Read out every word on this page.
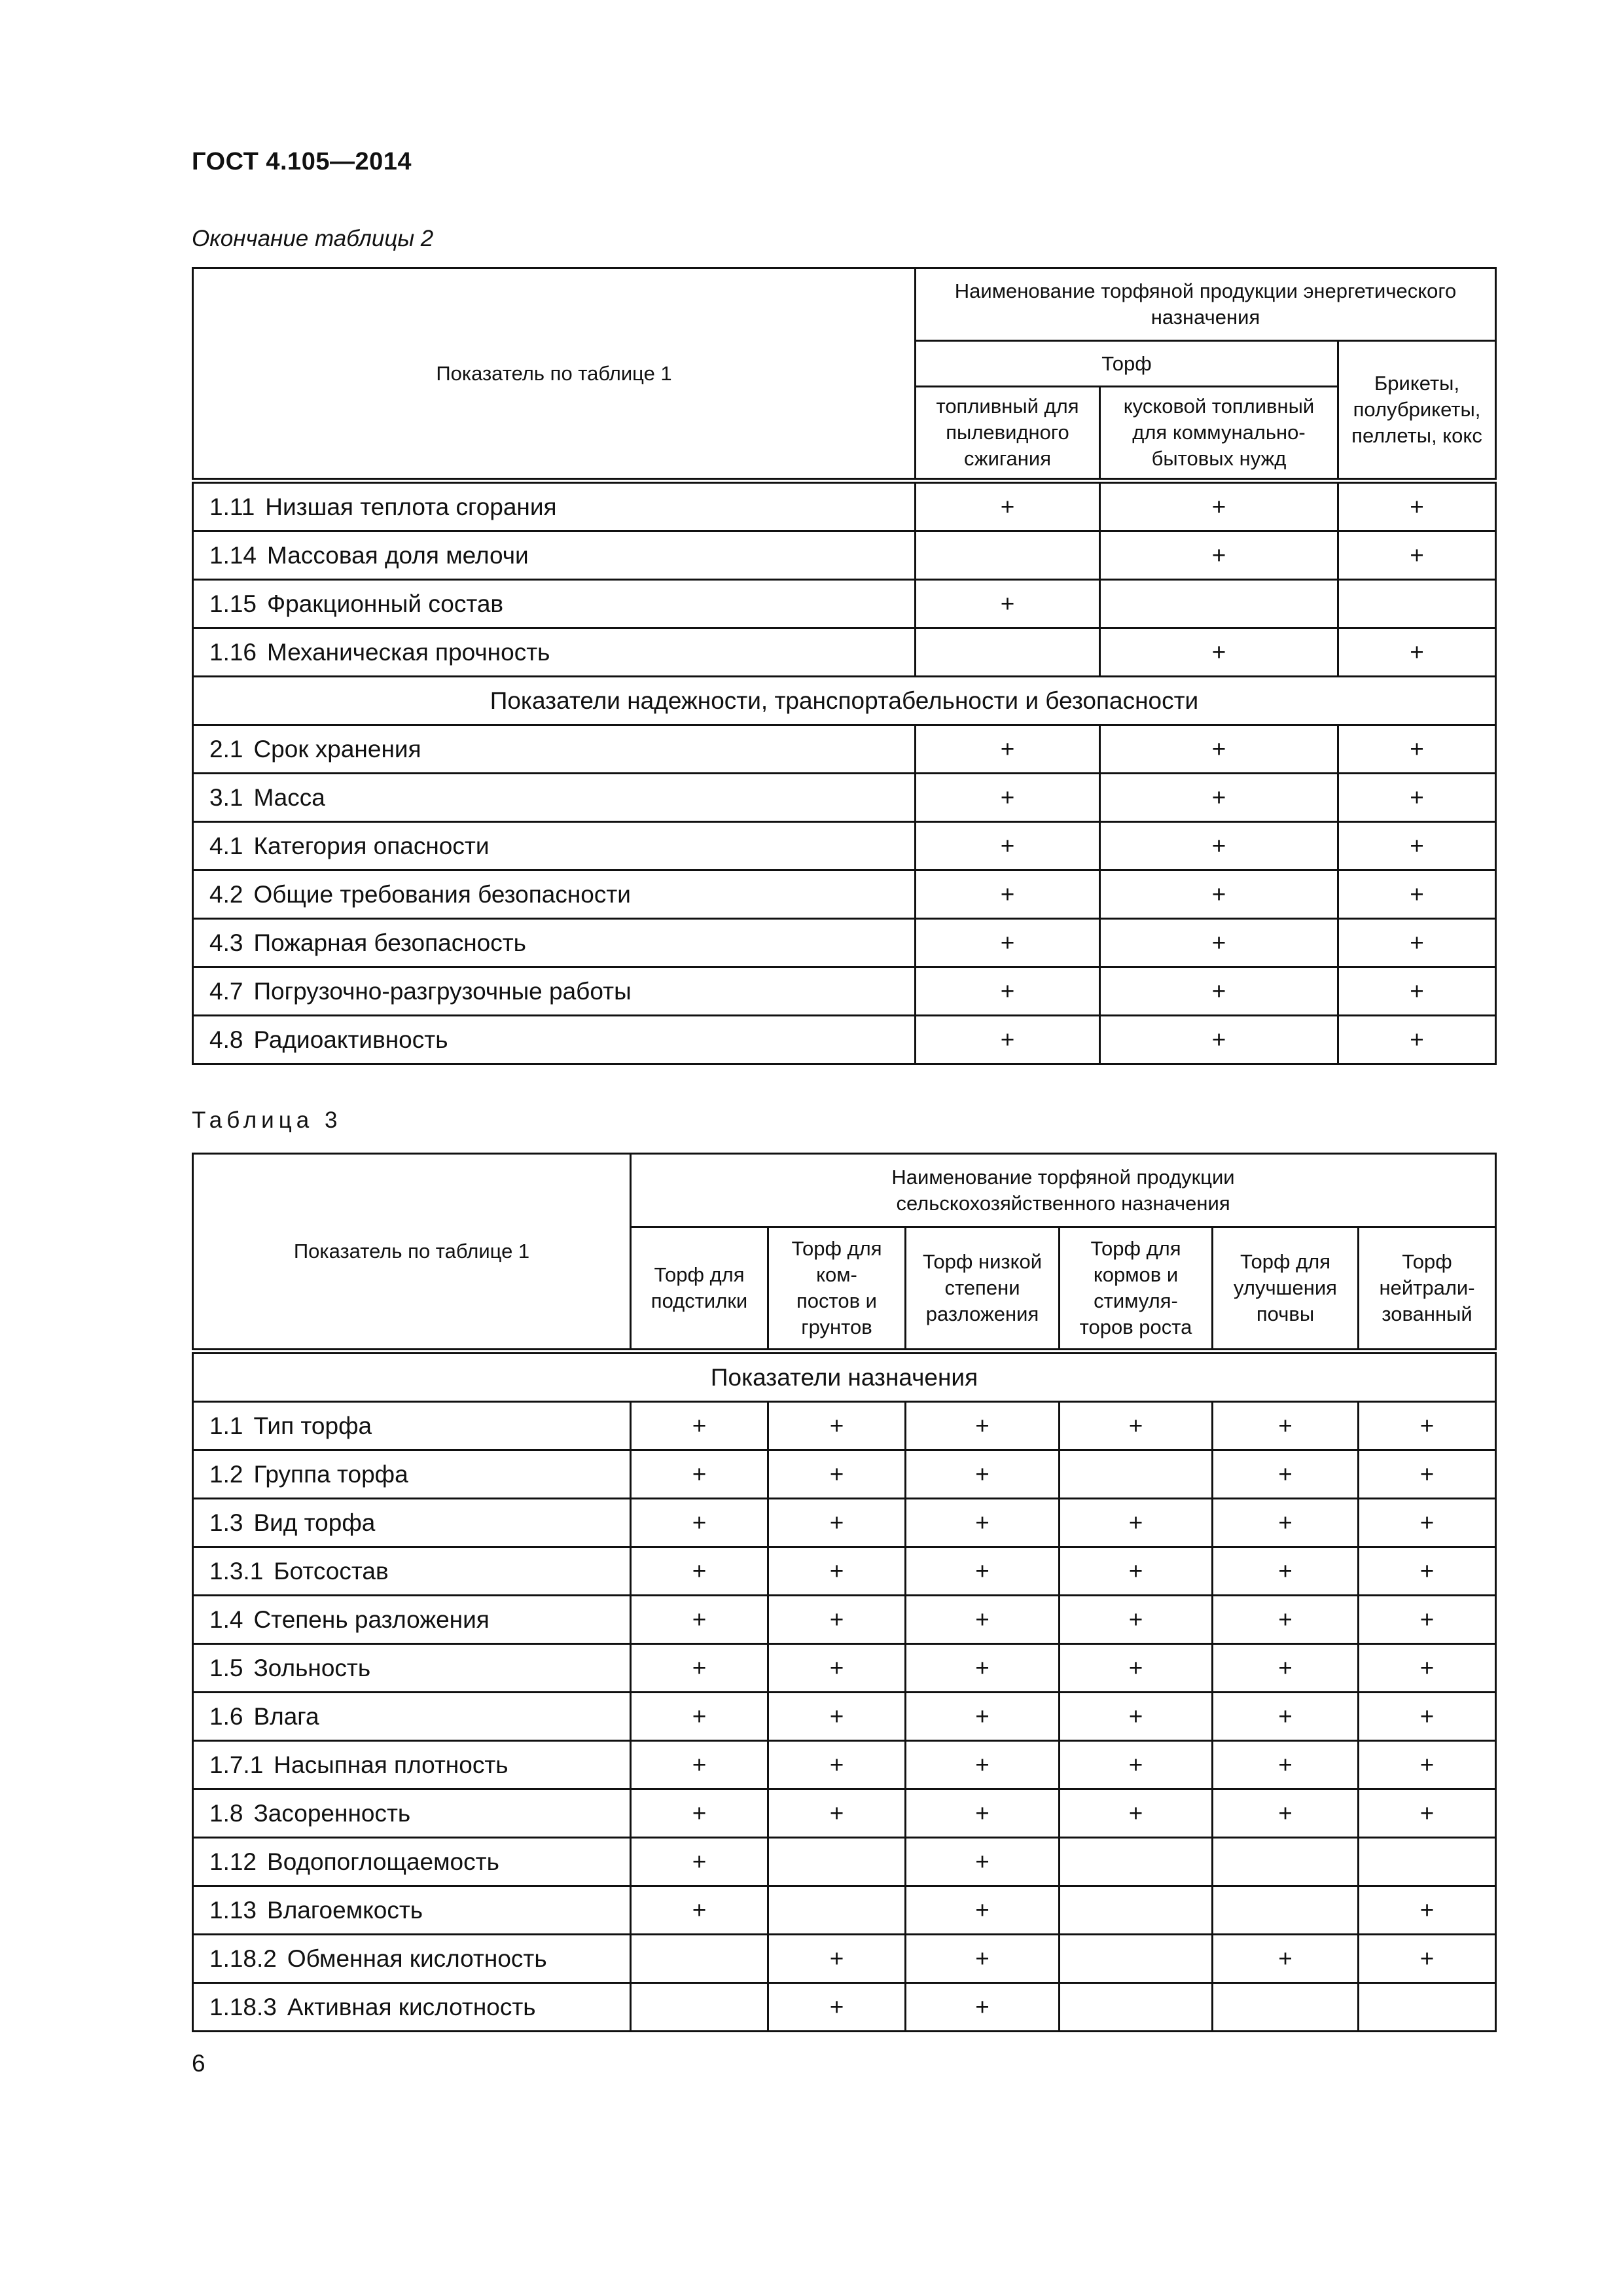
ГОСТ 4.105—2014
Окончание таблицы 2
Показатель по таблице 1	Наименование торфяной продукции энергетического назначения		
	Торф		Брикеты, полубрикеты, пеллеты, кокс
	топливный для пылевидного сжигания	кусковой топливный для коммунально-бытовых нужд	
1.11 Низшая теплота сгорания	+	+	+
1.14 Массовая доля мелочи		+	+
1.15 Фракционный состав	+		
1.16 Механическая прочность		+	+
Показатели надежности, транспортабельности и безопасности			
2.1 Срок хранения	+	+	+
3.1 Масса	+	+	+
4.1 Категория опасности	+	+	+
4.2 Общие требования безопасности	+	+	+
4.3 Пожарная безопасность	+	+	+
4.7 Погрузочно-разгрузочные работы	+	+	+
4.8 Радиоактивность	+	+	+
Таблица 3
Показатель по таблице 1	Наименование торфяной продукции сельскохозяйственного назначения					
	Торф для подстилки	Торф для ком- постов и грунтов	Торф низкой степени разложения	Торф для кормов и стимуля- торов роста	Торф для улучшения почвы	Торф нейтрали- зованный
Показатели назначения						
1.1 Тип торфа	+	+	+	+	+	+
1.2 Группа торфа	+	+	+		+	+
1.3 Вид торфа	+	+	+	+	+	+
1.3.1 Ботсостав	+	+	+	+	+	+
1.4 Степень разложения	+	+	+	+	+	+
1.5 Зольность	+	+	+	+	+	+
1.6 Влага	+	+	+	+	+	+
1.7.1 Насыпная плотность	+	+	+	+	+	+
1.8 Засоренность	+	+	+	+	+	+
1.12 Водопоглощаемость	+		+			
1.13 Влагоемкость	+		+			+
1.18.2 Обменная кислотность		+	+		+	+
1.18.3 Активная кислотность		+	+			
6
